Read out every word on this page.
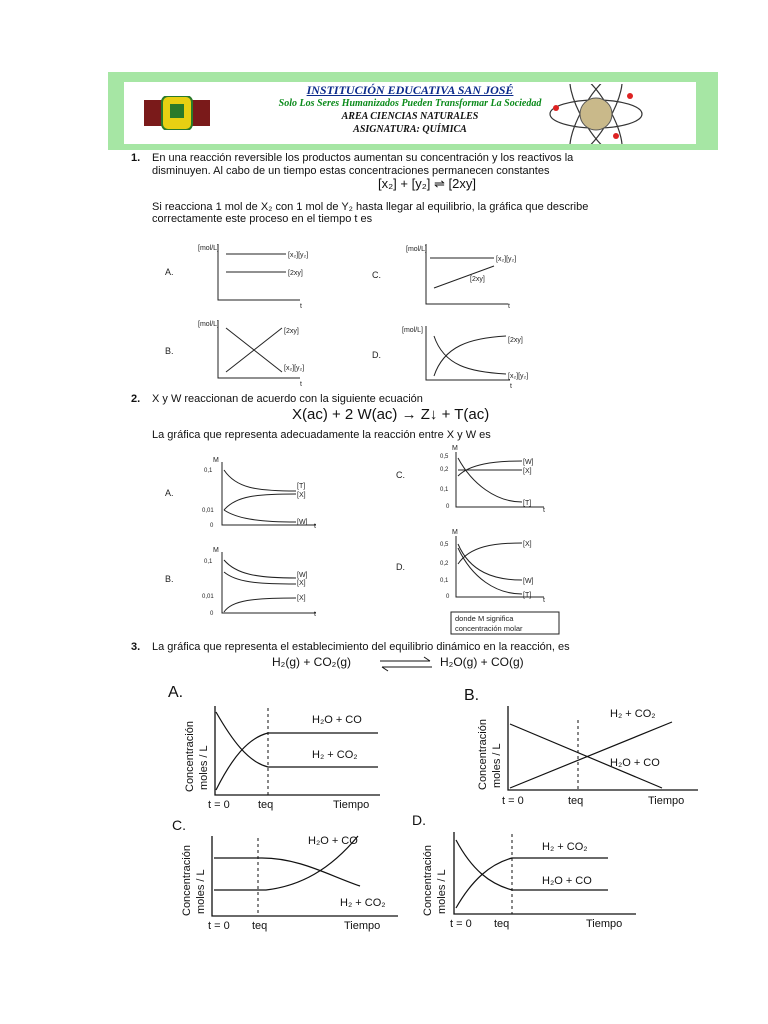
INSTITUCIÓN EDUCATIVA SAN JOSÉ
Solo Los Seres Humanizados Pueden Transformar La Sociedad
AREA CIENCIAS NATURALES
ASIGNATURA: QUÍMICA
1. En una reacción reversible los productos aumentan su concentración y los reactivos la
disminuyen. Al cabo de un tiempo estas concentraciones permanecen constantes
[x₂] + [y₂] ⇌ [2xy]
Si reacciona 1 mol de X₂ con 1 mol de Y₂ hasta llegar al equilibrio, la gráfica que describe
correctamente este proceso en el tiempo t es
A.
[mol/L]
[x₂][y₂]
[2xy]
t
C.
[mol/L]
[x₂][y₂]
[2xy]
t
B.
[mol/L]
[2xy]
[x₂][y₂]
t
D.
[mol/L]
[2xy]
[x₂][y₂]
t
A.
M
0,1
0,01
0
[T]
[X]
[W]
t
B.
M
0,1
0,01
0
[W]
[X]
[X]
t
C.
M
0,5
0,2
0,1
0
[W]
[X]
[T]
t
D.
M
0,5
0,2
0,1
0
[X]
[W]
[T]
t
donde M significa
concentración molar
A.
Concentración moles / L
H₂O + CO
H₂ + CO₂
t = 0	teq	Tiempo
B.
Concentración moles / L
H₂ + CO₂
H₂O + CO
t = 0	teq	Tiempo
C.
Concentración moles / L
H₂O + CO
H₂ + CO₂
t = 0 teq	Tiempo
D.
Concentración moles / L
H₂ + CO₂
H₂O + CO
t = 0 teq	Tiempo
2. X y W reaccionan de acuerdo con la siguiente ecuación
X(ac) + 2 W(ac) → Z↓ + T(ac)
La gráfica que representa adecuadamente la reacción entre X y W es
3. La gráfica que representa el establecimiento del equilibrio dinámico en la reacción, es
H₂(g) + CO₂(g) ⇌ H₂O(g) + CO(g)
